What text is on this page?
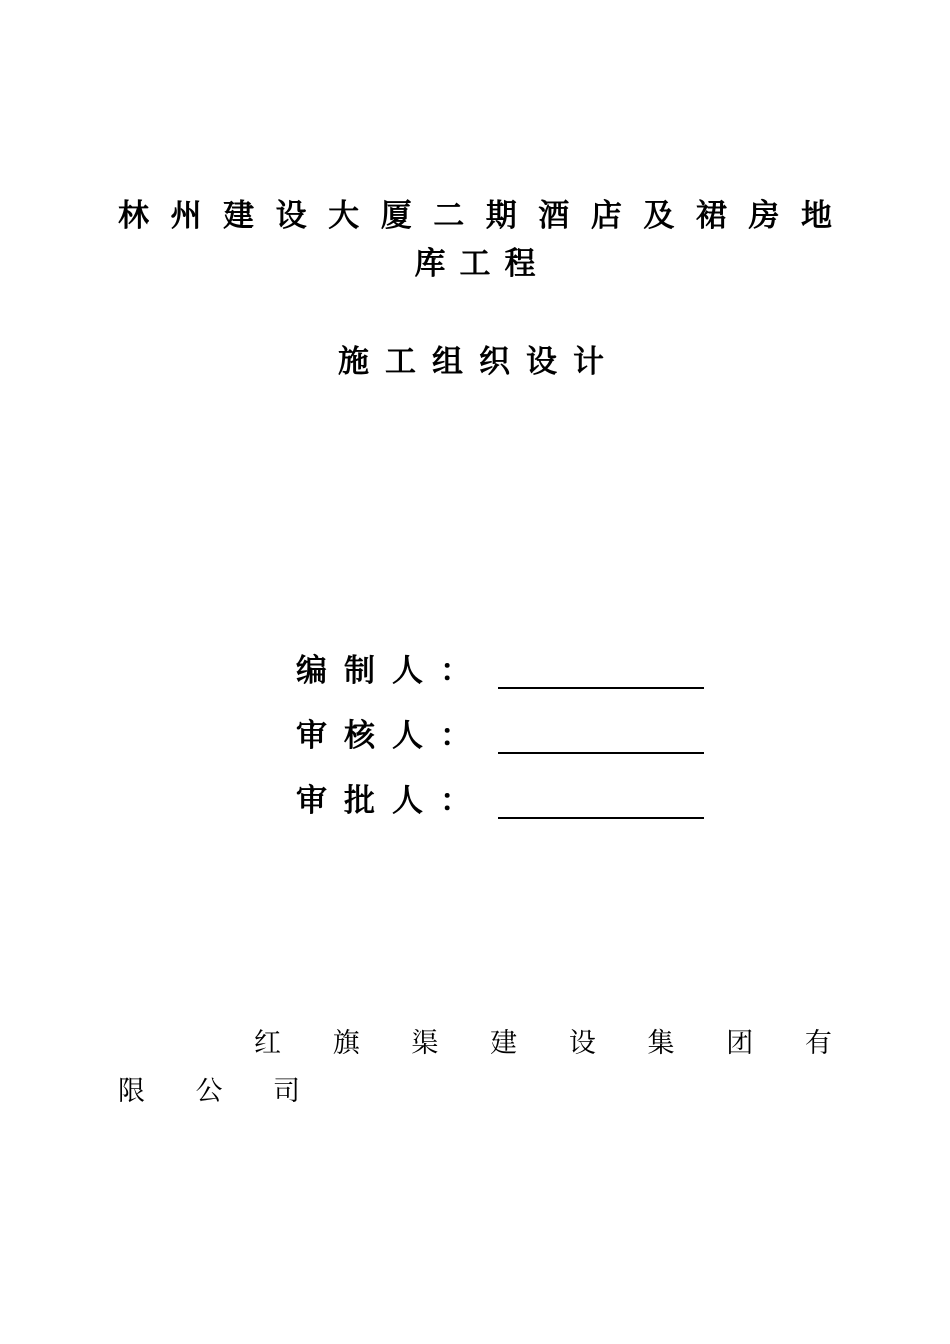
林州建设大厦二期酒店及裙房地
库工程
施工组织设计
编制人：
审核人：
审批人：
红 旗 渠 建 设 集 团 有
限 公 司
